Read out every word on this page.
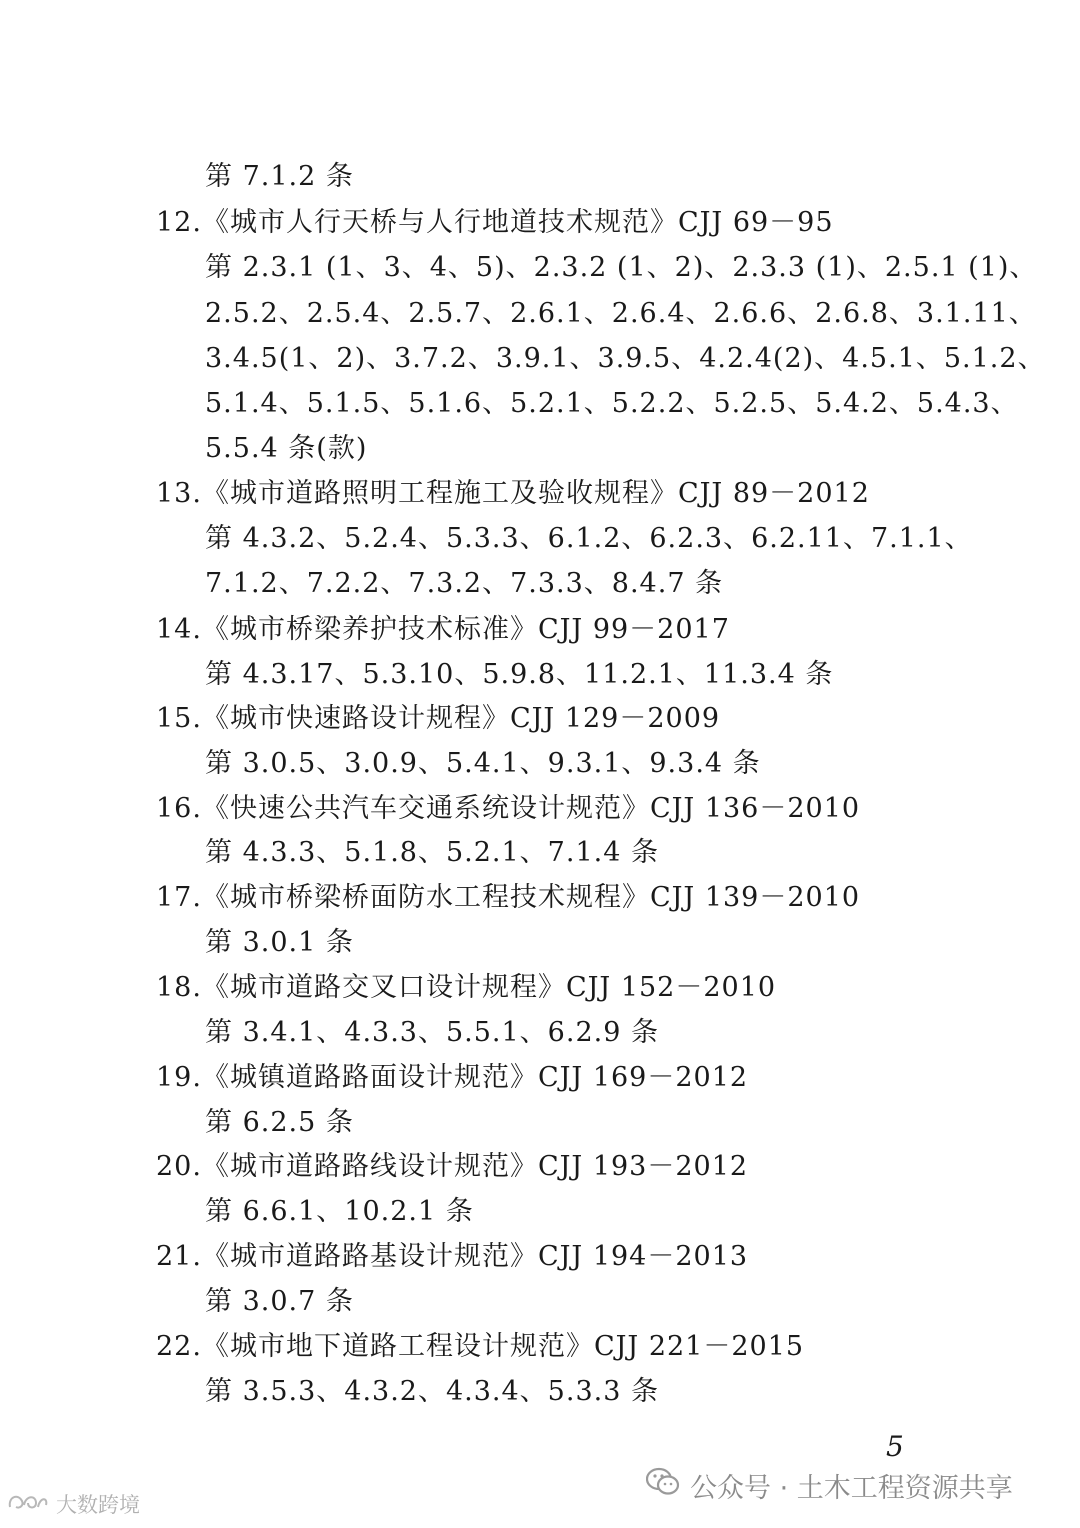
第 7.1.2 条
12.《城市人行天桥与人行地道技术规范》CJJ 69－95
第 2.3.1 (1、3、4、5)、2.3.2 (1、2)、2.3.3 (1)、2.5.1 (1)、
2.5.2、2.5.4、2.5.7、2.6.1、2.6.4、2.6.6、2.6.8、3.1.11、
3.4.5(1、2)、3.7.2、3.9.1、3.9.5、4.2.4(2)、4.5.1、5.1.2、
5.1.4、5.1.5、5.1.6、5.2.1、5.2.2、5.2.5、5.4.2、5.4.3、
5.5.4 条(款)
13.《城市道路照明工程施工及验收规程》CJJ 89－2012
第 4.3.2、5.2.4、5.3.3、6.1.2、6.2.3、6.2.11、7.1.1、
7.1.2、7.2.2、7.3.2、7.3.3、8.4.7 条
14.《城市桥梁养护技术标准》CJJ 99－2017
第 4.3.17、5.3.10、5.9.8、11.2.1、11.3.4 条
15.《城市快速路设计规程》CJJ 129－2009
第 3.0.5、3.0.9、5.4.1、9.3.1、9.3.4 条
16.《快速公共汽车交通系统设计规范》CJJ 136－2010
第 4.3.3、5.1.8、5.2.1、7.1.4 条
17.《城市桥梁桥面防水工程技术规程》CJJ 139－2010
第 3.0.1 条
18.《城市道路交叉口设计规程》CJJ 152－2010
第 3.4.1、4.3.3、5.5.1、6.2.9 条
19.《城镇道路路面设计规范》CJJ 169－2012
第 6.2.5 条
20.《城市道路路线设计规范》CJJ 193－2012
第 6.6.1、10.2.1 条
21.《城市道路路基设计规范》CJJ 194－2013
第 3.0.7 条
22.《城市地下道路工程设计规范》CJJ 221－2015
第 3.5.3、4.3.2、4.3.4、5.3.3 条
5
公众号 · 土木工程资源共享
大数跨境
